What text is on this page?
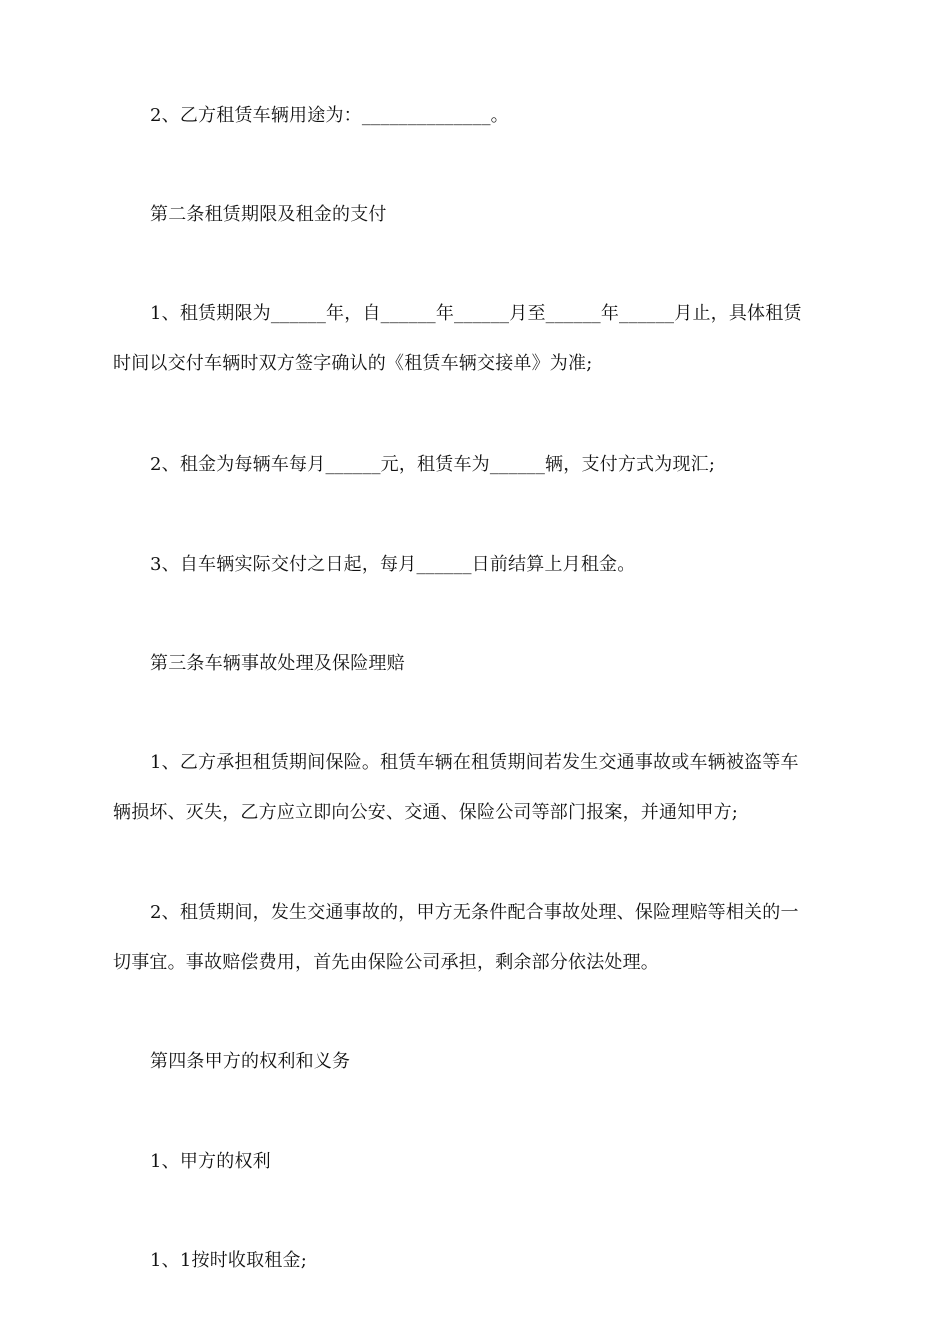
2、乙方租赁车辆用途为：______________。
第二条租赁期限及租金的支付
1、租赁期限为______年，自______年______月至______年______月止，具体租赁
时间以交付车辆时双方签字确认的《租赁车辆交接单》为准;
2、租金为每辆车每月______元，租赁车为______辆，支付方式为现汇;
3、自车辆实际交付之日起，每月______日前结算上月租金。
第三条车辆事故处理及保险理赔
1、乙方承担租赁期间保险。租赁车辆在租赁期间若发生交通事故或车辆被盗等车
辆损坏、灭失，乙方应立即向公安、交通、保险公司等部门报案，并通知甲方;
2、租赁期间，发生交通事故的，甲方无条件配合事故处理、保险理赔等相关的一
切事宜。事故赔偿费用，首先由保险公司承担，剩余部分依法处理。
第四条甲方的权利和义务
1、甲方的权利
1、1按时收取租金;
